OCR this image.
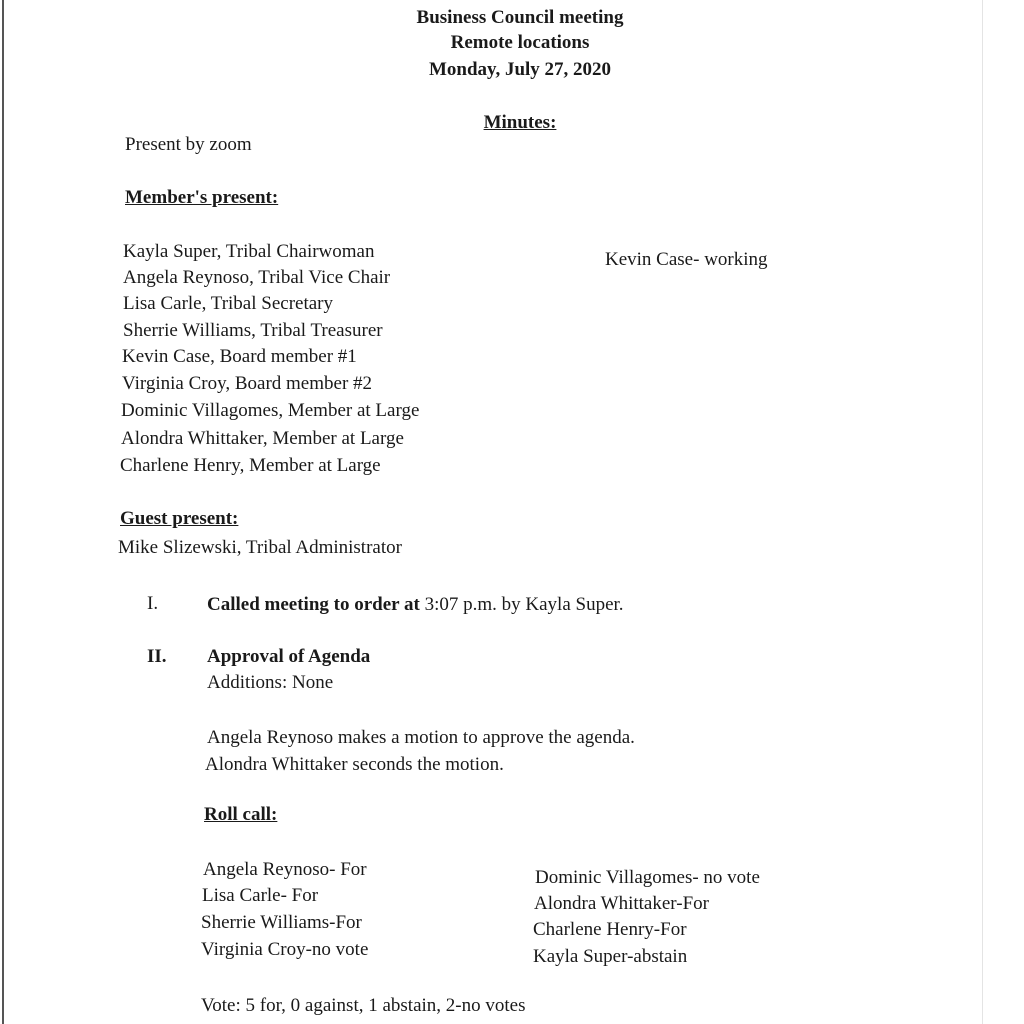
Business Council meeting
Remote locations
Monday, July 27, 2020
Minutes:
Present by zoom
Member's present:
Kayla Super, Tribal Chairwoman
Angela Reynoso, Tribal Vice Chair
Lisa Carle, Tribal Secretary
Sherrie Williams, Tribal Treasurer
Kevin Case, Board member #1
Virginia Croy, Board member #2
Dominic Villagomes, Member at Large
Alondra Whittaker, Member at Large
Charlene Henry, Member at Large
Kevin Case- working
Guest present:
Mike Slizewski, Tribal Administrator
I.	Called meeting to order at 3:07 p.m. by Kayla Super.
II. Approval of Agenda
Additions: None
Angela Reynoso makes a motion to approve the agenda.
Alondra Whittaker seconds the motion.
Roll call:
Angela Reynoso- For
Lisa Carle- For
Sherrie Williams-For
Virginia Croy-no vote
Dominic Villagomes- no vote
Alondra Whittaker-For
Charlene Henry-For
Kayla Super-abstain
Vote: 5 for, 0 against, 1 abstain, 2-no votes
